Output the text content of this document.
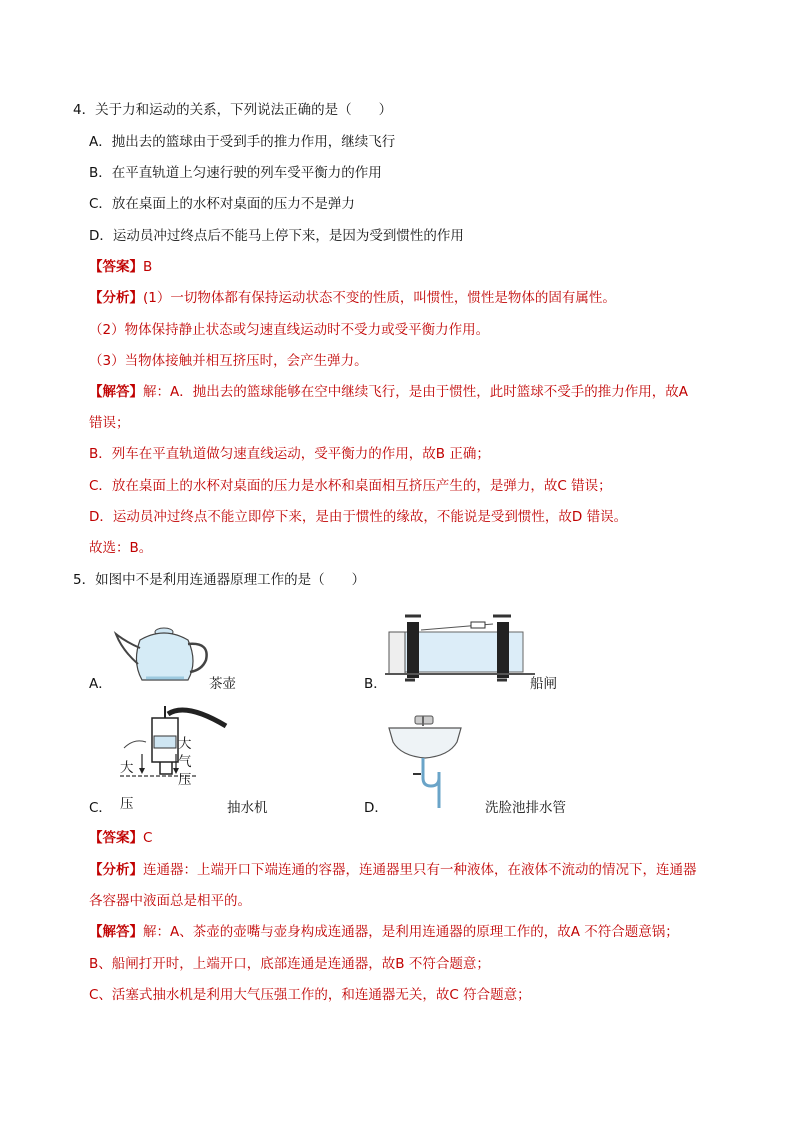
4．关于力和运动的关系，下列说法正确的是（　　）
A．抛出去的篮球由于受到手的推力作用，继续飞行
B．在平直轨道上匀速行驶的列车受平衡力的作用
C．放在桌面上的水杯对桌面的压力不是弹力
D．运动员冲过终点后不能马上停下来，是因为受到惯性的作用
【答案】B
【分析】(1）一切物体都有保持运动状态不变的性质，叫惯性，惯性是物体的固有属性。
（2）物体保持静止状态或匀速直线运动时不受力或受平衡力作用。
（3）当物体接触并相互挤压时，会产生弹力。
【解答】解：A．抛出去的篮球能够在空中继续飞行，是由于惯性，此时篮球不受手的推力作用，故A
错误；
B．列车在平直轨道做匀速直线运动，受平衡力的作用，故B 正确；
C．放在桌面上的水杯对桌面的压力是水杯和桌面相互挤压产生的，是弹力，故C 错误；
D．运动员冲过终点不能立即停下来，是由于惯性的缘故，不能说是受到惯性，故D 错误。
故选：B。
5．如图中不是利用连通器原理工作的是（　　）
A．	茶壶	B．	船闸
C．
大
气
压
大
压	抽水机	D．	洗脸池排水管
【答案】C
【分析】连通器：上端开口下端连通的容器，连通器里只有一种液体，在液体不流动的情况下，连通器
各容器中液面总是相平的。
【解答】解：A、茶壶的壶嘴与壶身构成连通器，是利用连通器的原理工作的，故A 不符合题意锅；
B、船闸打开时，上端开口，底部连通是连通器，故B 不符合题意；
C、活塞式抽水机是利用大气压强工作的，和连通器无关，故C 符合题意；
